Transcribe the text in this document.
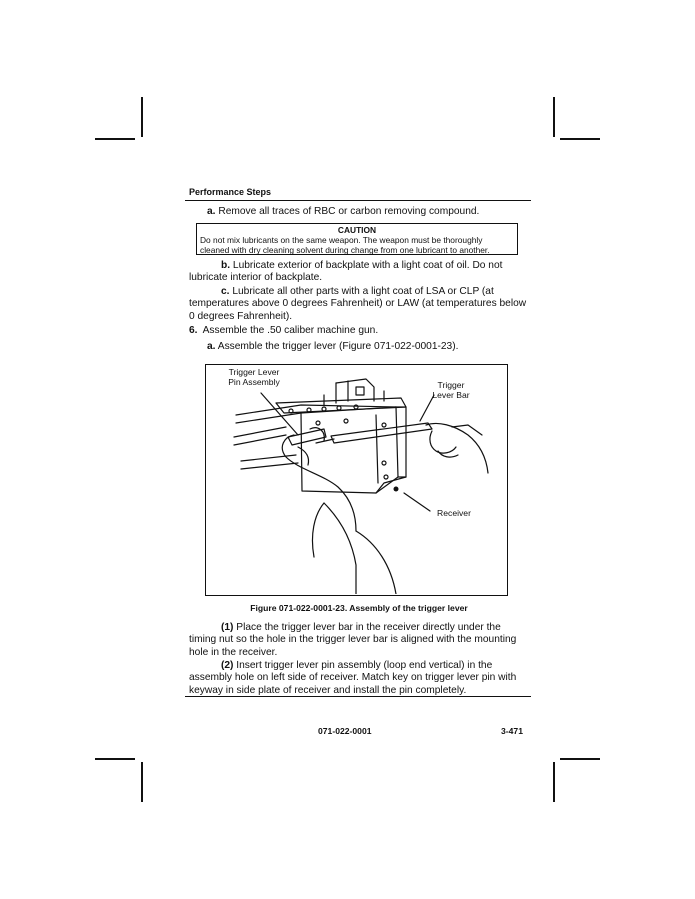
Performance Steps
a. Remove all traces of RBC or carbon removing compound.
CAUTION
Do not mix lubricants on the same weapon. The weapon must be thoroughly cleaned with dry cleaning solvent during change from one lubricant to another.

b. Lubricate exterior of backplate with a light coat of oil. Do not lubricate interior of backplate.

c. Lubricate all other parts with a light coat of LSA or CLP (at temperatures above 0 degrees Fahrenheit) or LAW (at temperatures below 0 degrees Fahrenheit).

6. Assemble the .50 caliber machine gun.
a. Assemble the trigger lever (Figure 071-022-0001-23).
Trigger Lever Pin Assembly	Trigger Lever Bar
Receiver
Figure 071-022-0001-23. Assembly of the trigger lever

(1) Place the trigger lever bar in the receiver directly under the timing nut so the hole in the trigger lever bar is aligned with the mounting hole in the receiver.

(2) Insert trigger lever pin assembly (loop end vertical) in the assembly hole on left side of receiver. Match key on trigger lever pin with keyway in side plate of receiver and install the pin completely.

071-022-0001	3-471
